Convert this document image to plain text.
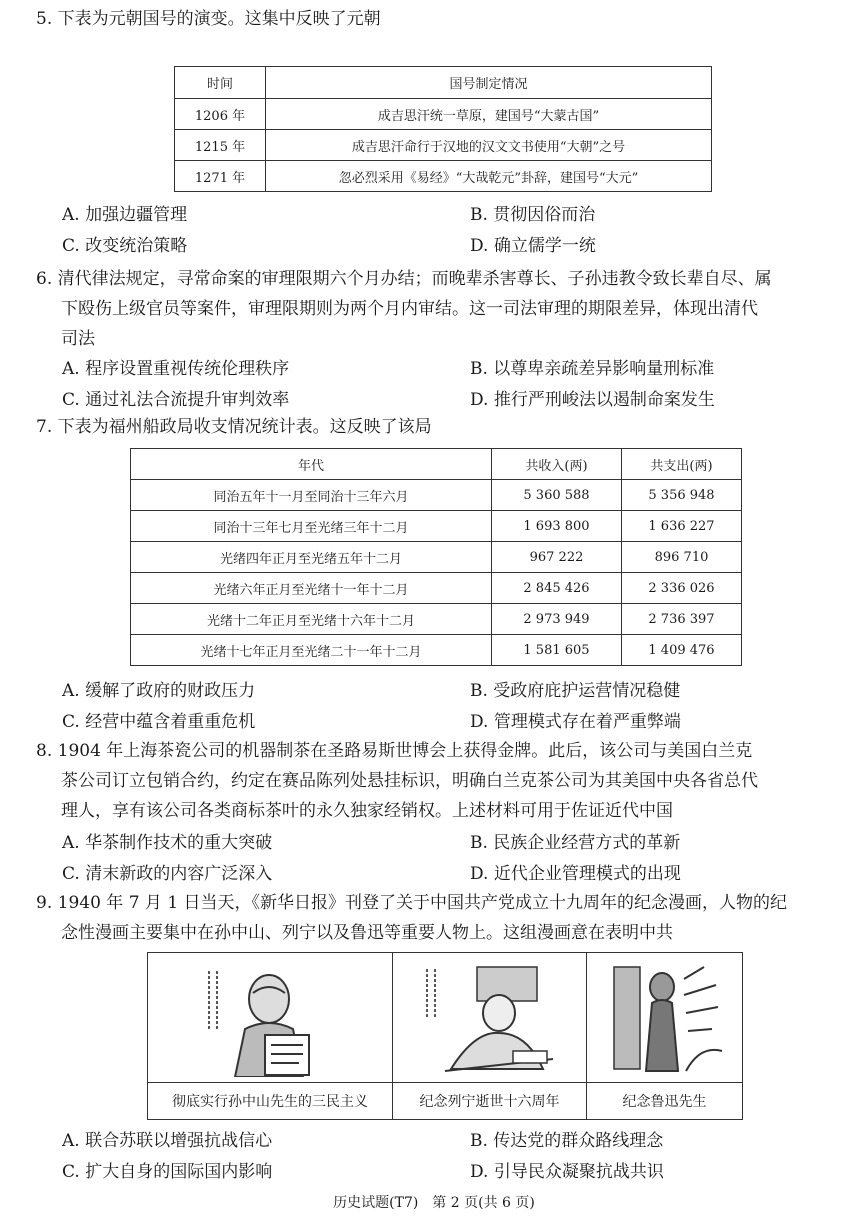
5. 下表为元朝国号的演变。这集中反映了元朝

时间	国号制定情况
1206 年	成吉思汗统一草原，建国号“大蒙古国”
1215 年	成吉思汗命行于汉地的汉文文书使用“大朝”之号
1271 年	忽必烈采用《易经》“大哉乾元”卦辞，建国号“大元”
A. 加强边疆管理	B. 贯彻因俗而治
C. 改变统治策略	D. 确立儒学一统

6. 清代律法规定，寻常命案的审理限期六个月办结；而晚辈杀害尊长、子孙违教令致长辈自尽、属

下殴伤上级官员等案件，审理限期则为两个月内审结。这一司法审理的期限差异，体现出清代

司法

A. 程序设置重视传统伦理秩序	B. 以尊卑亲疏差异影响量刑标准
C. 通过礼法合流提升审判效率	D. 推行严刑峻法以遏制命案发生

7. 下表为福州船政局收支情况统计表。这反映了该局

年代	共收入(两)	共支出(两)
同治五年十一月至同治十三年六月	5 360 588	5 356 948
同治十三年七月至光绪三年十二月	1 693 800	1 636 227
光绪四年正月至光绪五年十二月	967 222	896 710
光绪六年正月至光绪十一年十二月	2 845 426	2 336 026
光绪十二年正月至光绪十六年十二月	2 973 949	2 736 397
光绪十七年正月至光绪二十一年十二月	1 581 605	1 409 476
A. 缓解了政府的财政压力	B. 受政府庇护运营情况稳健
C. 经营中蕴含着重重危机	D. 管理模式存在着严重弊端

8. 1904 年上海茶瓷公司的机器制茶在圣路易斯世博会上获得金牌。此后，该公司与美国白兰克

茶公司订立包销合约，约定在赛品陈列处悬挂标识，明确白兰克茶公司为其美国中央各省总代

理人，享有该公司各类商标茶叶的永久独家经销权。上述材料可用于佐证近代中国

A. 华茶制作技术的重大突破	B. 民族企业经营方式的革新
C. 清末新政的内容广泛深入	D. 近代企业管理模式的出现

9. 1940 年 7 月 1 日当天，《新华日报》刊登了关于中国共产党成立十九周年的纪念漫画，人物的纪

念性漫画主要集中在孙中山、列宁以及鲁迅等重要人物上。这组漫画意在表明中共

彻底实行孙中山先生的三民主义	纪念列宁逝世十六周年	纪念鲁迅先生
A. 联合苏联以增强抗战信心	B. 传达党的群众路线理念
C. 扩大自身的国际国内影响	D. 引导民众凝聚抗战共识
历史试题(T7)　第 2 页(共 6 页)
